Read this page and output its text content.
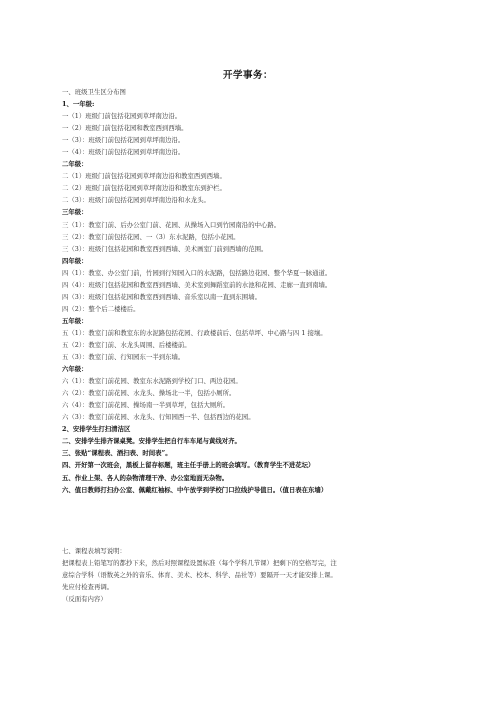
开学事务：
一、班级卫生区分布图
1、一年级:
一（1）班级门前包括花园到草坪南边沿。
一（2）班级门前包括花园和教室西到西墙。
一（3）：班级门前包括花园到草坪南边沿。
一（4）：班级门前包括花园到草坪南边沿。
二年级：
二（1）班级门前包括花园到草坪南边沿和教室西到西墙。
二（2）班级门前包括花园到草坪南边沿和教室东到护栏。
二（3）：班级门前包括花园到草坪南边沿和水龙头。
三年级：
三（1）：教室门前、后办公室门前、花园、从操场入口到竹园南沿的中心路。
三（2）：教室门前包括花园、一（3）东水泥路，包括小花园。
三（3）：班级门包括花园和教室西到西墙、美术画室门前到西墙的范围。
四年级：
四（1）：教室、办公室门前，竹园到行知园入口的水泥路，包括路边花园、整个华夏一脉通道。
四（4）：班级门包括花园和教室西到西墙、美术室到舞蹈室前的水池和花园、走廊一直到南墙。
四（3）：班级门包括花园和教室西到西墙、音乐室以南一直到东围墙。
四（2）：整个后二楼楼后。
五年级：
五（1）：教室门前和教室东的水泥路包括花园、行政楼前后、包括草坪、中心路与四 1 接壤。
五（2）：教室门前、水龙头周围、后楼楼前。
五（3）：教室门前、行知园东一半到东墙。
六年级：
六（1）：教室门前花园、教室东水泥路到学校门口、两边花园。
六（2）：教室门前花园、水龙头、操场北一半，包括小厕所。
六（4）：教室门前花园、操场南一半到草坪，包括大厕所。
六（3）：教室门前花园、水龙头、行知园西一半、包括西边的花园。
2、安排学生打扫清洁区
二、安排学生排齐课桌凳。安排学生把自行车车尾与黄线对齐。
三、张贴“课程表、酒扫表、时间表”。
四、开好第一次班会，黑板上留存标题，班主任手册上的班会填写。（教育学生不进花坛）
五、作业上架、各人的杂物清理干净、办公室地面无杂物。
六、值日教师打扫办公室、佩戴红袖标、中午放学到学校门口拉线护导值日。（值日表在东墙）
七、课程表填写说明：
把课程表上铅笔写的都抄下来，然后对照课程设置标准（每个学科几节课）把剩下的空格写完，注
意综合学科（语数英之外的音乐、体育、美术、校本、科学、品社等）要隔开一天才能安排上课。
先应付检查再调。
（反面有内容）
